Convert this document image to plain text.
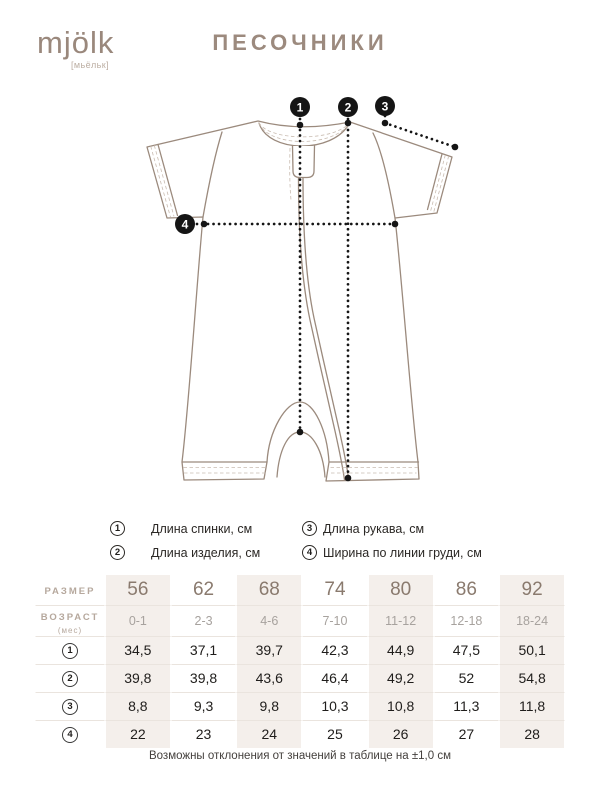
mjölk
[мьёльк]
ПЕСОЧНИКИ
1	2	3
4
1	Длина спинки, см
2	Длина изделия, см
3 Длина рукава, см
4 Ширина по линии груди, см
РАЗМЕР	56	62	68	74	80	86	92
ВОЗРАСТ
(мес)	0-1	2-3	4-6	7-10	11-12	12-18	18-24

1	34,5	37,1	39,7	42,3	44,9	47,5	50,1

2	39,8	39,8	43,6	46,4	49,2	52	54,8

3	8,8	9,3	9,8	10,3	10,8	11,3	11,8

4	22	23	24	25	26	27	28
Возможны отклонения от значений в таблице на ±1,0 см
